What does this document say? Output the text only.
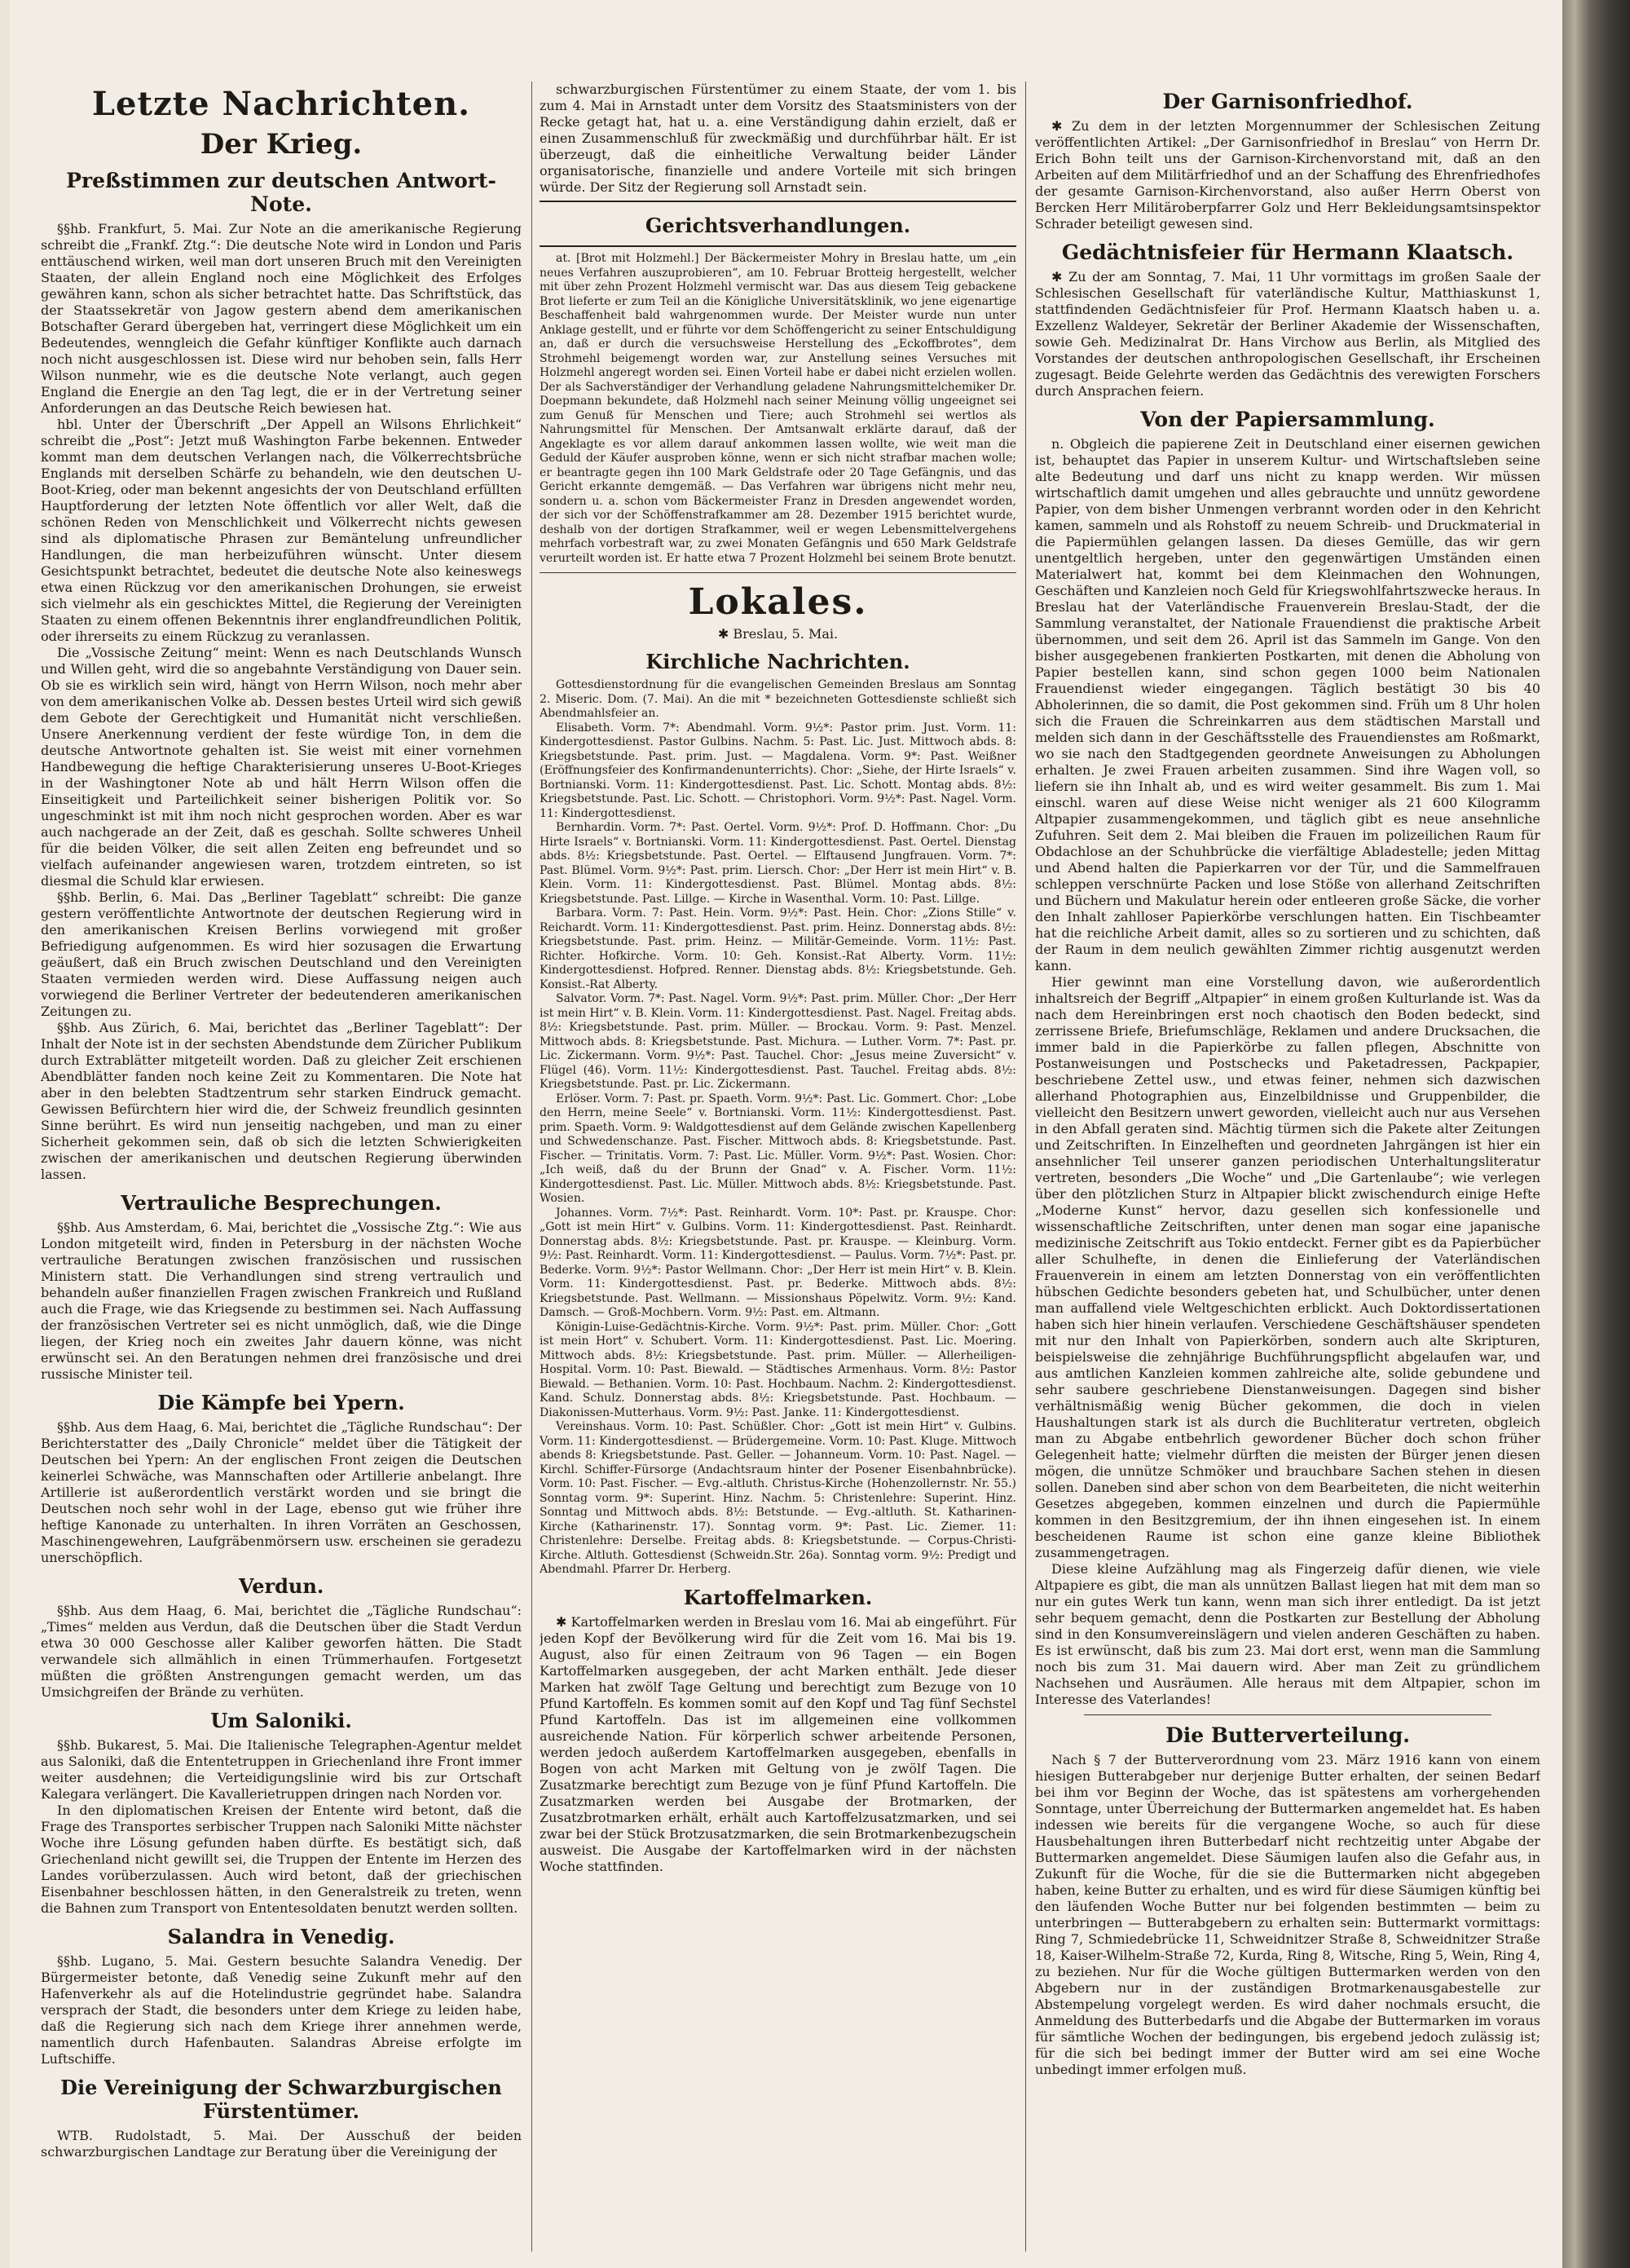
Letzte Nachrichten.
Der Krieg.
Preßstimmen zur deutschen Antwort-Note.

§§hb. Frankfurt, 5. Mai. Zur Note an die amerikanische Regierung schreibt die „Frankf. Ztg.“: Die deutsche Note wird in London und Paris enttäuschend wirken, weil man dort unseren Bruch mit den Vereinigten Staaten, der allein England noch eine Möglichkeit des Erfolges gewähren kann, schon als sicher betrachtet hatte. Das Schriftstück, das der Staatssekretär von Jagow gestern abend dem amerikanischen Botschafter Gerard übergeben hat, verringert diese Möglichkeit um ein Bedeutendes, wenngleich die Gefahr künftiger Konflikte auch darnach noch nicht ausgeschlossen ist. Diese wird nur behoben sein, falls Herr Wilson nunmehr, wie es die deutsche Note verlangt, auch gegen England die Energie an den Tag legt, die er in der Vertretung seiner Anforderungen an das Deutsche Reich bewiesen hat.

hbl. Unter der Überschrift „Der Appell an Wilsons Ehrlichkeit“ schreibt die „Post“: Jetzt muß Washington Farbe bekennen. Entweder kommt man dem deutschen Verlangen nach, die Völkerrechtsbrüche Englands mit derselben Schärfe zu behandeln, wie den deutschen U-Boot-Krieg, oder man bekennt angesichts der von Deutschland erfüllten Hauptforderung der letzten Note öffentlich vor aller Welt, daß die schönen Reden von Menschlichkeit und Völkerrecht nichts gewesen sind als diplomatische Phrasen zur Bemäntelung unfreundlicher Handlungen, die man herbeizuführen wünscht. Unter diesem Gesichtspunkt betrachtet, bedeutet die deutsche Note also keineswegs etwa einen Rückzug vor den amerikanischen Drohungen, sie erweist sich vielmehr als ein geschicktes Mittel, die Regierung der Vereinigten Staaten zu einem offenen Bekenntnis ihrer englandfreundlichen Politik, oder ihrerseits zu einem Rückzug zu veranlassen.

Die „Vossische Zeitung“ meint: Wenn es nach Deutschlands Wunsch und Willen geht, wird die so angebahnte Verständigung von Dauer sein. Ob sie es wirklich sein wird, hängt von Herrn Wilson, noch mehr aber von dem amerikanischen Volke ab. Dessen bestes Urteil wird sich gewiß dem Gebote der Gerechtigkeit und Humanität nicht verschließen. Unsere Anerkennung verdient der feste würdige Ton, in dem die deutsche Antwortnote gehalten ist. Sie weist mit einer vornehmen Handbewegung die heftige Charakterisierung unseres U-Boot-Krieges in der Washingtoner Note ab und hält Herrn Wilson offen die Einseitigkeit und Parteilichkeit seiner bisherigen Politik vor. So ungeschminkt ist mit ihm noch nicht gesprochen worden. Aber es war auch nachgerade an der Zeit, daß es geschah. Sollte schweres Unheil für die beiden Völker, die seit allen Zeiten eng befreundet und so vielfach aufeinander angewiesen waren, trotzdem eintreten, so ist diesmal die Schuld klar erwiesen.

§§hb. Berlin, 6. Mai. Das „Berliner Tageblatt“ schreibt: Die ganze gestern veröffentlichte Antwortnote der deutschen Regierung wird in den amerikanischen Kreisen Berlins vorwiegend mit großer Befriedigung aufgenommen. Es wird hier sozusagen die Erwartung geäußert, daß ein Bruch zwischen Deutschland und den Vereinigten Staaten vermieden werden wird. Diese Auffassung neigen auch vorwiegend die Berliner Vertreter der bedeutenderen amerikanischen Zeitungen zu.

§§hb. Aus Zürich, 6. Mai, berichtet das „Berliner Tageblatt“: Der Inhalt der Note ist in der sechsten Abendstunde dem Züricher Publikum durch Extrablätter mitgeteilt worden. Daß zu gleicher Zeit erschienen Abendblätter fanden noch keine Zeit zu Kommentaren. Die Note hat aber in den belebten Stadtzentrum sehr starken Eindruck gemacht. Gewissen Befürchtern hier wird die, der Schweiz freundlich gesinnten Sinne berührt. Es wird nun jenseitig nachgeben, und man zu einer Sicherheit gekommen sein, daß ob sich die letzten Schwierigkeiten zwischen der amerikanischen und deutschen Regierung überwinden lassen.

Vertrauliche Besprechungen.

§§hb. Aus Amsterdam, 6. Mai, berichtet die „Vossische Ztg.“: Wie aus London mitgeteilt wird, finden in Petersburg in der nächsten Woche vertrauliche Beratungen zwischen französischen und russischen Ministern statt. Die Verhandlungen sind streng vertraulich und behandeln außer finanziellen Fragen zwischen Frankreich und Rußland auch die Frage, wie das Kriegsende zu bestimmen sei. Nach Auffassung der französischen Vertreter sei es nicht unmöglich, daß, wie die Dinge liegen, der Krieg noch ein zweites Jahr dauern könne, was nicht erwünscht sei. An den Beratungen nehmen drei französische und drei russische Minister teil.

Die Kämpfe bei Ypern.

§§hb. Aus dem Haag, 6. Mai, berichtet die „Tägliche Rundschau“: Der Berichterstatter des „Daily Chronicle“ meldet über die Tätigkeit der Deutschen bei Ypern: An der englischen Front zeigen die Deutschen keinerlei Schwäche, was Mannschaften oder Artillerie anbelangt. Ihre Artillerie ist außerordentlich verstärkt worden und sie bringt die Deutschen noch sehr wohl in der Lage, ebenso gut wie früher ihre heftige Kanonade zu unterhalten. In ihren Vorräten an Geschossen, Maschinengewehren, Laufgräbenmörsern usw. erscheinen sie geradezu unerschöpflich.

Verdun.

§§hb. Aus dem Haag, 6. Mai, berichtet die „Tägliche Rundschau“: „Times“ melden aus Verdun, daß die Deutschen über die Stadt Verdun etwa 30 000 Geschosse aller Kaliber geworfen hätten. Die Stadt verwandele sich allmählich in einen Trümmerhaufen. Fortgesetzt müßten die größten Anstrengungen gemacht werden, um das Umsichgreifen der Brände zu verhüten.

Um Saloniki.

§§hb. Bukarest, 5. Mai. Die Italienische Telegraphen-Agentur meldet aus Saloniki, daß die Ententetruppen in Griechenland ihre Front immer weiter ausdehnen; die Verteidigungslinie wird bis zur Ortschaft Kalegara verlängert. Die Kavallerietruppen dringen nach Norden vor.

In den diplomatischen Kreisen der Entente wird betont, daß die Frage des Transportes serbischer Truppen nach Saloniki Mitte nächster Woche ihre Lösung gefunden haben dürfte. Es bestätigt sich, daß Griechenland nicht gewillt sei, die Truppen der Entente im Herzen des Landes vorüberzulassen. Auch wird betont, daß der griechischen Eisenbahner beschlossen hätten, in den Generalstreik zu treten, wenn die Bahnen zum Transport von Ententesoldaten benutzt werden sollten.

Salandra in Venedig.

§§hb. Lugano, 5. Mai. Gestern besuchte Salandra Venedig. Der Bürgermeister betonte, daß Venedig seine Zukunft mehr auf den Hafenverkehr als auf die Hotelindustrie gegründet habe. Salandra versprach der Stadt, die besonders unter dem Kriege zu leiden habe, daß die Regierung sich nach dem Kriege ihrer annehmen werde, namentlich durch Hafenbauten. Salandras Abreise erfolgte im Luftschiffe.

Die Vereinigung der Schwarzburgischen Fürstentümer.

WTB. Rudolstadt, 5. Mai. Der Ausschuß der beiden schwarzburgischen Landtage zur Beratung über die Vereinigung der

schwarzburgischen Fürstentümer zu einem Staate, der vom 1. bis zum 4. Mai in Arnstadt unter dem Vorsitz des Staatsministers von der Recke getagt hat, hat u. a. eine Verständigung dahin erzielt, daß er einen Zusammenschluß für zweckmäßig und durchführbar hält. Er ist überzeugt, daß die einheitliche Verwaltung beider Länder organisatorische, finanzielle und andere Vorteile mit sich bringen würde. Der Sitz der Regierung soll Arnstadt sein.

Gerichtsverhandlungen.

at. [Brot mit Holzmehl.] Der Bäckermeister Mohry in Breslau hatte, um „ein neues Verfahren auszuprobieren“, am 10. Februar Brotteig hergestellt, welcher mit über zehn Prozent Holzmehl vermischt war. Das aus diesem Teig gebackene Brot lieferte er zum Teil an die Königliche Universitätsklinik, wo jene eigenartige Beschaffenheit bald wahrgenommen wurde. Der Meister wurde nun unter Anklage gestellt, und er führte vor dem Schöffengericht zu seiner Entschuldigung an, daß er durch die versuchsweise Herstellung des „Eckoffbrotes“, dem Strohmehl beigemengt worden war, zur Anstellung seines Versuches mit Holzmehl angeregt worden sei. Einen Vorteil habe er dabei nicht erzielen wollen. Der als Sachverständiger der Verhandlung geladene Nahrungsmittelchemiker Dr. Doepmann bekundete, daß Holzmehl nach seiner Meinung völlig ungeeignet sei zum Genuß für Menschen und Tiere; auch Strohmehl sei wertlos als Nahrungsmittel für Menschen. Der Amtsanwalt erklärte darauf, daß der Angeklagte es vor allem darauf ankommen lassen wollte, wie weit man die Geduld der Käufer ausproben könne, wenn er sich nicht strafbar machen wolle; er beantragte gegen ihn 100 Mark Geldstrafe oder 20 Tage Gefängnis, und das Gericht erkannte demgemäß. — Das Verfahren war übrigens nicht mehr neu, sondern u. a. schon vom Bäckermeister Franz in Dresden angewendet worden, der sich vor der Schöffenstrafkammer am 28. Dezember 1915 berichtet wurde, deshalb von der dortigen Strafkammer, weil er wegen Lebensmittelvergehens mehrfach vorbestraft war, zu zwei Monaten Gefängnis und 650 Mark Geldstrafe verurteilt worden ist. Er hatte etwa 7 Prozent Holzmehl bei seinem Brote benutzt.

Lokales.

✱ Breslau, 5. Mai.

Kirchliche Nachrichten.

Gottesdienstordnung für die evangelischen Gemeinden Breslaus am Sonntag 2. Miseric. Dom. (7. Mai). An die mit * bezeichneten Gottesdienste schließt sich Abendmahlsfeier an.

Elisabeth. Vorm. 7*: Abendmahl. Vorm. 9½*: Pastor prim. Just. Vorm. 11: Kindergottesdienst. Pastor Gulbins. Nachm. 5: Past. Lic. Just. Mittwoch abds. 8: Kriegsbetstunde. Past. prim. Just. — Magdalena. Vorm. 9*: Past. Weißner (Eröffnungsfeier des Konfirmandenunterrichts). Chor: „Siehe, der Hirte Israels“ v. Bortnianski. Vorm. 11: Kindergottesdienst. Past. Lic. Schott. Montag abds. 8½: Kriegsbetstunde. Past. Lic. Schott. — Christophori. Vorm. 9½*: Past. Nagel. Vorm. 11: Kindergottesdienst.

Bernhardin. Vorm. 7*: Past. Oertel. Vorm. 9½*: Prof. D. Hoffmann. Chor: „Du Hirte Israels“ v. Bortnianski. Vorm. 11: Kindergottesdienst. Past. Oertel. Dienstag abds. 8½: Kriegsbetstunde. Past. Oertel. — Elftausend Jungfrauen. Vorm. 7*: Past. Blümel. Vorm. 9½*: Past. prim. Liersch. Chor: „Der Herr ist mein Hirt“ v. B. Klein. Vorm. 11: Kindergottesdienst. Past. Blümel. Montag abds. 8½: Kriegsbetstunde. Past. Lillge. — Kirche in Wasenthal. Vorm. 10: Past. Lillge.

Barbara. Vorm. 7: Past. Hein. Vorm. 9½*: Past. Hein. Chor: „Zions Stille“ v. Reichardt. Vorm. 11: Kindergottesdienst. Past. prim. Heinz. Donnerstag abds. 8½: Kriegsbetstunde. Past. prim. Heinz. — Militär-Gemeinde. Vorm. 11½: Past. Richter. Hofkirche. Vorm. 10: Geh. Konsist.-Rat Alberty. Vorm. 11½: Kindergottesdienst. Hofpred. Renner. Dienstag abds. 8½: Kriegsbetstunde. Geh. Konsist.-Rat Alberty.

Salvator. Vorm. 7*: Past. Nagel. Vorm. 9½*: Past. prim. Müller. Chor: „Der Herr ist mein Hirt“ v. B. Klein. Vorm. 11: Kindergottesdienst. Past. Nagel. Freitag abds. 8½: Kriegsbetstunde. Past. prim. Müller. — Brockau. Vorm. 9: Past. Menzel. Mittwoch abds. 8: Kriegsbetstunde. Past. Michura. — Luther. Vorm. 7*: Past. pr. Lic. Zickermann. Vorm. 9½*: Past. Tauchel. Chor: „Jesus meine Zuversicht“ v. Flügel (46). Vorm. 11½: Kindergottesdienst. Past. Tauchel. Freitag abds. 8½: Kriegsbetstunde. Past. pr. Lic. Zickermann.

Erlöser. Vorm. 7: Past. pr. Spaeth. Vorm. 9½*: Past. Lic. Gommert. Chor: „Lobe den Herrn, meine Seele“ v. Bortnianski. Vorm. 11½: Kindergottesdienst. Past. prim. Spaeth. Vorm. 9: Waldgottesdienst auf dem Gelände zwischen Kapellenberg und Schwedenschanze. Past. Fischer. Mittwoch abds. 8: Kriegsbetstunde. Past. Fischer. — Trinitatis. Vorm. 7: Past. Lic. Müller. Vorm. 9½*: Past. Wosien. Chor: „Ich weiß, daß du der Brunn der Gnad“ v. A. Fischer. Vorm. 11½: Kindergottesdienst. Past. Lic. Müller. Mittwoch abds. 8½: Kriegsbetstunde. Past. Wosien.

Johannes. Vorm. 7½*: Past. Reinhardt. Vorm. 10*: Past. pr. Krauspe. Chor: „Gott ist mein Hirt“ v. Gulbins. Vorm. 11: Kindergottesdienst. Past. Reinhardt. Donnerstag abds. 8½: Kriegsbetstunde. Past. pr. Krauspe. — Kleinburg. Vorm. 9½: Past. Reinhardt. Vorm. 11: Kindergottesdienst. — Paulus. Vorm. 7½*: Past. pr. Bederke. Vorm. 9½*: Pastor Wellmann. Chor: „Der Herr ist mein Hirt“ v. B. Klein. Vorm. 11: Kindergottesdienst. Past. pr. Bederke. Mittwoch abds. 8½: Kriegsbetstunde. Past. Wellmann. — Missionshaus Pöpelwitz. Vorm. 9½: Kand. Damsch. — Groß-Mochbern. Vorm. 9½: Past. em. Altmann.

Königin-Luise-Gedächtnis-Kirche. Vorm. 9½*: Past. prim. Müller. Chor: „Gott ist mein Hort“ v. Schubert. Vorm. 11: Kindergottesdienst. Past. Lic. Moering. Mittwoch abds. 8½: Kriegsbetstunde. Past. prim. Müller. — Allerheiligen-Hospital. Vorm. 10: Past. Biewald. — Städtisches Armenhaus. Vorm. 8½: Pastor Biewald. — Bethanien. Vorm. 10: Past. Hochbaum. Nachm. 2: Kindergottesdienst. Kand. Schulz. Donnerstag abds. 8½: Kriegsbetstunde. Past. Hochbaum. — Diakonissen-Mutterhaus. Vorm. 9½: Past. Janke. 11: Kindergottesdienst.

Vereinshaus. Vorm. 10: Past. Schüßler. Chor: „Gott ist mein Hirt“ v. Gulbins. Vorm. 11: Kindergottesdienst. — Brüdergemeine. Vorm. 10: Past. Kluge. Mittwoch abends 8: Kriegsbetstunde. Past. Geller. — Johanneum. Vorm. 10: Past. Nagel. — Kirchl. Schiffer-Fürsorge (Andachtsraum hinter der Posener Eisenbahnbrücke). Vorm. 10: Past. Fischer. — Evg.-altluth. Christus-Kirche (Hohenzollernstr. Nr. 55.) Sonntag vorm. 9*: Superint. Hinz. Nachm. 5: Christenlehre: Superint. Hinz. Sonntag und Mittwoch abds. 8½: Betstunde. — Evg.-altluth. St. Katharinen-Kirche (Katharinenstr. 17). Sonntag vorm. 9*: Past. Lic. Ziemer. 11: Christenlehre: Derselbe. Freitag abds. 8: Kriegsbetstunde. — Corpus-Christi-Kirche. Altluth. Gottesdienst (Schweidn.Str. 26a). Sonntag vorm. 9½: Predigt und Abendmahl. Pfarrer Dr. Herberg.

Kartoffelmarken.

✱ Kartoffelmarken werden in Breslau vom 16. Mai ab eingeführt. Für jeden Kopf der Bevölkerung wird für die Zeit vom 16. Mai bis 19. August, also für einen Zeitraum von 96 Tagen — ein Bogen Kartoffelmarken ausgegeben, der acht Marken enthält. Jede dieser Marken hat zwölf Tage Geltung und berechtigt zum Bezuge von 10 Pfund Kartoffeln. Es kommen somit auf den Kopf und Tag fünf Sechstel Pfund Kartoffeln. Das ist im allgemeinen eine vollkommen ausreichende Nation. Für körperlich schwer arbeitende Personen, werden jedoch außerdem Kartoffelmarken ausgegeben, ebenfalls in Bogen von acht Marken mit Geltung von je zwölf Tagen. Die Zusatzmarke berechtigt zum Bezuge von je fünf Pfund Kartoffeln. Die Zusatzmarken werden bei Ausgabe der Brotmarken, der Zusatzbrotmarken erhält, erhält auch Kartoffelzusatzmarken, und sei zwar bei der Stück Brotzusatzmarken, die sein Brotmarkenbezugschein ausweist. Die Ausgabe der Kartoffelmarken wird in der nächsten Woche stattfinden.

Der Garnisonfriedhof.

✱ Zu dem in der letzten Morgennummer der Schlesischen Zeitung veröffentlichten Artikel: „Der Garnisonfriedhof in Breslau“ von Herrn Dr. Erich Bohn teilt uns der Garnison-Kirchenvorstand mit, daß an den Arbeiten auf dem Militärfriedhof und an der Schaffung des Ehrenfriedhofes der gesamte Garnison-Kirchenvorstand, also außer Herrn Oberst von Bercken Herr Militäroberpfarrer Golz und Herr Bekleidungsamtsinspektor Schrader beteiligt gewesen sind.

Gedächtnisfeier für Hermann Klaatsch.

✱ Zu der am Sonntag, 7. Mai, 11 Uhr vormittags im großen Saale der Schlesischen Gesellschaft für vaterländische Kultur, Matthiaskunst 1, stattfindenden Gedächtnisfeier für Prof. Hermann Klaatsch haben u. a. Exzellenz Waldeyer, Sekretär der Berliner Akademie der Wissenschaften, sowie Geh. Medizinalrat Dr. Hans Virchow aus Berlin, als Mitglied des Vorstandes der deutschen anthropologischen Gesellschaft, ihr Erscheinen zugesagt. Beide Gelehrte werden das Gedächtnis des verewigten Forschers durch Ansprachen feiern.

Von der Papiersammlung.

n. Obgleich die papierene Zeit in Deutschland einer eisernen gewichen ist, behauptet das Papier in unserem Kultur- und Wirtschaftsleben seine alte Bedeutung und darf uns nicht zu knapp werden. Wir müssen wirtschaftlich damit umgehen und alles gebrauchte und unnütz gewordene Papier, von dem bisher Unmengen verbrannt worden oder in den Kehricht kamen, sammeln und als Rohstoff zu neuem Schreib- und Druckmaterial in die Papiermühlen gelangen lassen. Da dieses Gemülle, das wir gern unentgeltlich hergeben, unter den gegenwärtigen Umständen einen Materialwert hat, kommt bei dem Kleinmachen den Wohnungen, Geschäften und Kanzleien noch Geld für Kriegswohlfahrtszwecke heraus. In Breslau hat der Vaterländische Frauenverein Breslau-Stadt, der die Sammlung veranstaltet, der Nationale Frauendienst die praktische Arbeit übernommen, und seit dem 26. April ist das Sammeln im Gange. Von den bisher ausgegebenen frankierten Postkarten, mit denen die Abholung von Papier bestellen kann, sind schon gegen 1000 beim Nationalen Frauendienst wieder eingegangen. Täglich bestätigt 30 bis 40 Abholerinnen, die so damit, die Post gekommen sind. Früh um 8 Uhr holen sich die Frauen die Schreinkarren aus dem städtischen Marstall und melden sich dann in der Geschäftsstelle des Frauendienstes am Roßmarkt, wo sie nach den Stadtgegenden geordnete Anweisungen zu Abholungen erhalten. Je zwei Frauen arbeiten zusammen. Sind ihre Wagen voll, so liefern sie ihn Inhalt ab, und es wird weiter gesammelt. Bis zum 1. Mai einschl. waren auf diese Weise nicht weniger als 21 600 Kilogramm Altpapier zusammengekommen, und täglich gibt es neue ansehnliche Zufuhren. Seit dem 2. Mai bleiben die Frauen im polizeilichen Raum für Obdachlose an der Schuhbrücke die vierfältige Abladestelle; jeden Mittag und Abend halten die Papierkarren vor der Tür, und die Sammelfrauen schleppen verschnürte Packen und lose Stöße von allerhand Zeitschriften und Büchern und Makulatur herein oder entleeren große Säcke, die vorher den Inhalt zahlloser Papierkörbe verschlungen hatten. Ein Tischbeamter hat die reichliche Arbeit damit, alles so zu sortieren und zu schichten, daß der Raum in dem neulich gewählten Zimmer richtig ausgenutzt werden kann.

Hier gewinnt man eine Vorstellung davon, wie außerordentlich inhaltsreich der Begriff „Altpapier“ in einem großen Kulturlande ist. Was da nach dem Hereinbringen erst noch chaotisch den Boden bedeckt, sind zerrissene Briefe, Briefumschläge, Reklamen und andere Drucksachen, die immer bald in die Papierkörbe zu fallen pflegen, Abschnitte von Postanweisungen und Postschecks und Paketadressen, Packpapier, beschriebene Zettel usw., und etwas feiner, nehmen sich dazwischen allerhand Photographien aus, Einzelbildnisse und Gruppenbilder, die vielleicht den Besitzern unwert geworden, vielleicht auch nur aus Versehen in den Abfall geraten sind. Mächtig türmen sich die Pakete alter Zeitungen und Zeitschriften. In Einzelheften und geordneten Jahrgängen ist hier ein ansehnlicher Teil unserer ganzen periodischen Unterhaltungsliteratur vertreten, besonders „Die Woche“ und „Die Gartenlaube“; wie verlegen über den plötzlichen Sturz in Altpapier blickt zwischendurch einige Hefte „Moderne Kunst“ hervor, dazu gesellen sich konfessionelle und wissenschaftliche Zeitschriften, unter denen man sogar eine japanische medizinische Zeitschrift aus Tokio entdeckt. Ferner gibt es da Papierbücher aller Schulhefte, in denen die Einlieferung der Vaterländischen Frauenverein in einem am letzten Donnerstag von ein veröffentlichten hübschen Gedichte besonders gebeten hat, und Schulbücher, unter denen man auffallend viele Weltgeschichten erblickt. Auch Doktordissertationen haben sich hier hinein verlaufen. Verschiedene Geschäftshäuser spendeten mit nur den Inhalt von Papierkörben, sondern auch alte Skripturen, beispielsweise die zehnjährige Buchführungspflicht abgelaufen war, und aus amtlichen Kanzleien kommen zahlreiche alte, solide gebundene und sehr saubere geschriebene Dienstanweisungen. Dagegen sind bisher verhältnismäßig wenig Bücher gekommen, die doch in vielen Haushaltungen stark ist als durch die Buchliteratur vertreten, obgleich man zu Abgabe entbehrlich gewordener Bücher doch schon früher Gelegenheit hatte; vielmehr dürften die meisten der Bürger jenen diesen mögen, die unnütze Schmöker und brauchbare Sachen stehen in diesen sollen. Daneben sind aber schon von dem Bearbeiteten, die nicht weiterhin Gesetzes abgegeben, kommen einzelnen und durch die Papiermühle kommen in den Besitzgremium, der ihn ihnen eingesehen ist. In einem bescheidenen Raume ist schon eine ganze kleine Bibliothek zusammengetragen.

Diese kleine Aufzählung mag als Fingerzeig dafür dienen, wie viele Altpapiere es gibt, die man als unnützen Ballast liegen hat mit dem man so nur ein gutes Werk tun kann, wenn man sich ihrer entledigt. Da ist jetzt sehr bequem gemacht, denn die Postkarten zur Bestellung der Abholung sind in den Konsumvereinslägern und vielen anderen Geschäften zu haben. Es ist erwünscht, daß bis zum 23. Mai dort erst, wenn man die Sammlung noch bis zum 31. Mai dauern wird. Aber man Zeit zu gründlichem Nachsehen und Ausräumen. Alle heraus mit dem Altpapier, schon im Interesse des Vaterlandes!

Die Butterverteilung.

Nach § 7 der Butterverordnung vom 23. März 1916 kann von einem hiesigen Butterabgeber nur derjenige Butter erhalten, der seinen Bedarf bei ihm vor Beginn der Woche, das ist spätestens am vorhergehenden Sonntage, unter Überreichung der Buttermarken angemeldet hat. Es haben indessen wie bereits für die vergangene Woche, so auch für diese Hausbehaltungen ihren Butterbedarf nicht rechtzeitig unter Abgabe der Buttermarken angemeldet. Diese Säumigen laufen also die Gefahr aus, in Zukunft für die Woche, für die sie die Buttermarken nicht abgegeben haben, keine Butter zu erhalten, und es wird für diese Säumigen künftig bei den läufenden Woche Butter nur bei folgenden bestimmten — beim zu unterbringen — Butterabgebern zu erhalten sein: Buttermarkt vormittags: Ring 7, Schmiedebrücke 11, Schweidnitzer Straße 8, Schweidnitzer Straße 18, Kaiser-Wilhelm-Straße 72, Kurda, Ring 8, Witsche, Ring 5, Wein, Ring 4, zu beziehen. Nur für die Woche gültigen Buttermarken werden von den Abgebern nur in der zuständigen Brotmarkenausgabestelle zur Abstempelung vorgelegt werden. Es wird daher nochmals ersucht, die Anmeldung des Butterbedarfs und die Abgabe der Buttermarken im voraus für sämtliche Wochen der bedingungen, bis ergebend jedoch zulässig ist; für die sich bei bedingt immer der Butter wird am sei eine Woche unbedingt immer erfolgen muß.
